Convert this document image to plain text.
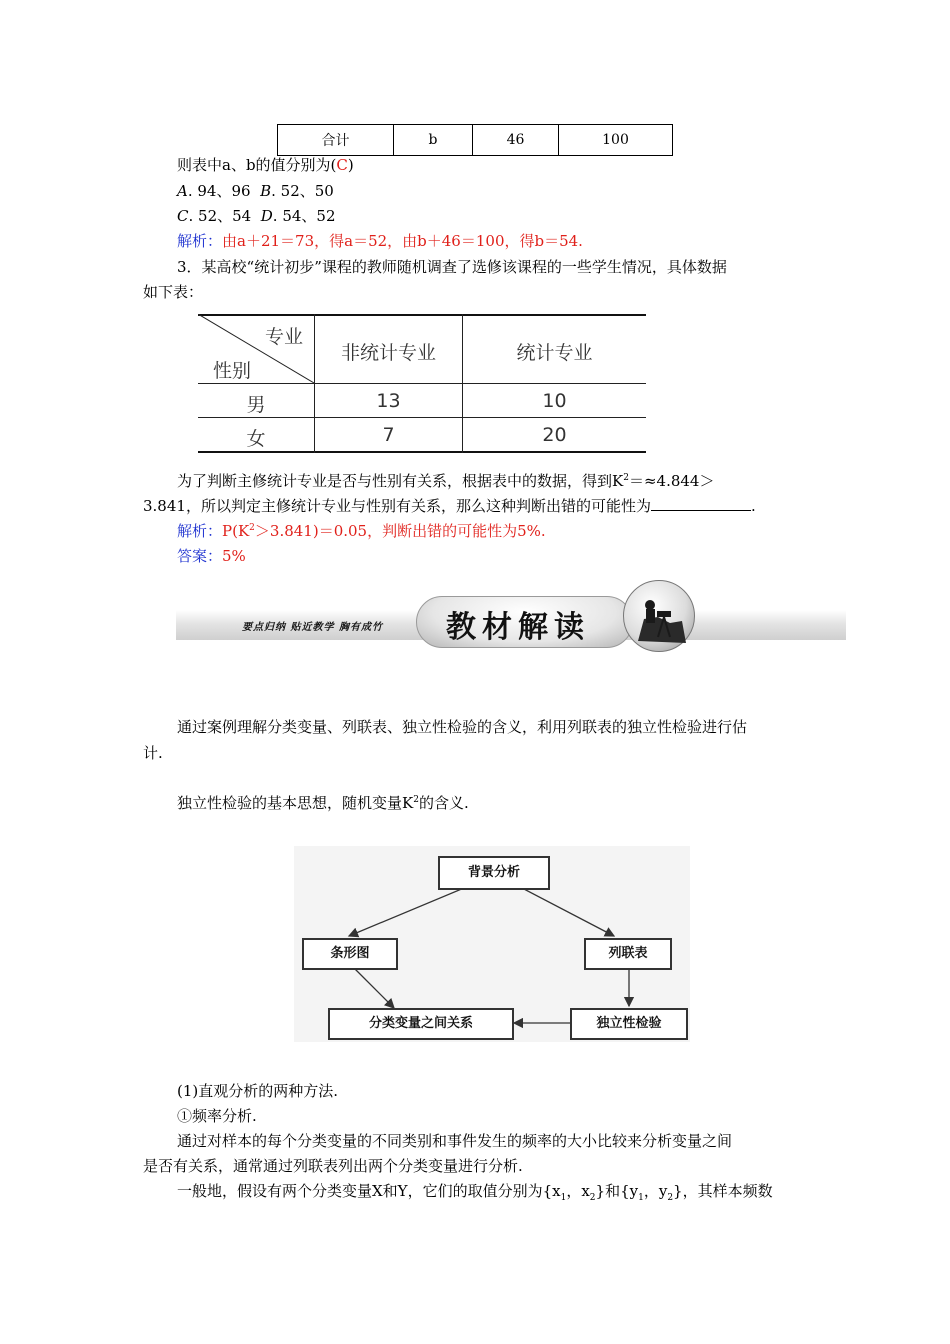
合计	b	46	100
则表中a、b的值分别为(C)
A. 94、96 B. 52、50
C. 52、54 D. 54、52
解析：由a＋21＝73，得a＝52，由b＋46＝100，得b＝54.
3．某高校“统计初步”课程的教师随机调查了选修该课程的一些学生情况，具体数据
如下表：
专业
性别
非统计专业	统计专业
男	13	10
女	7	20
为了判断主修统计专业是否与性别有关系，根据表中的数据，得到$K^2=\approx 4.844>$
3.841，所以判定主修统计专业与性别有关系，那么这种判断出错的可能性为	.
解析：$P(K^2>3.841)=0.05$，判断出错的可能性为5%.
答案：5%
要点归纳 贴近教学 胸有成竹 教材解读
通过案例理解分类变量、列联表、独立性检验的含义，利用列联表的独立性检验进行估
计.
独立性检验的基本思想，随机变量$K^2$的含义.
背景分析
条形图	列联表
分类变量之间关系	独立性检验
(1)直观分析的两种方法.
①频率分析.
通过对样本的每个分类变量的不同类别和事件发生的频率的大小比较来分析变量之间
是否有关系，通常通过列联表列出两个分类变量进行分析.
一般地，假设有两个分类变量X和Y，它们的取值分别为{$x_1$，$x_2$}和{$y_1$，$y_2$}，其样本频数
